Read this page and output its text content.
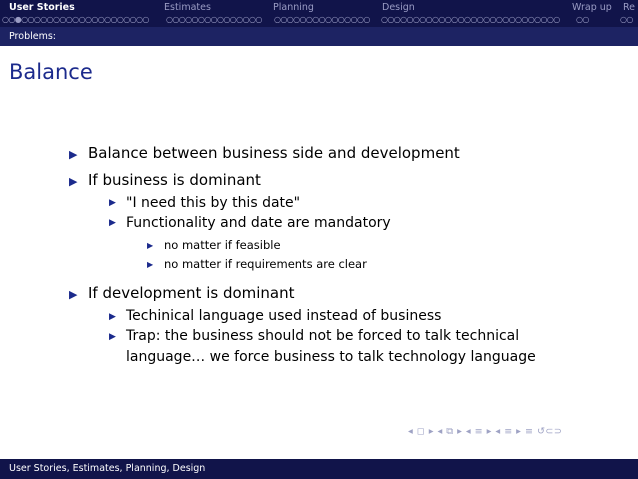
User Stories	Estimates	Planning	Design	Wrap up Re
○○●○○○○○○○○○○○○○○○○○○○○ ○○○○○○○○○○○○○○○ ○○○○○○○○○○○○○○○ ○○○○○○○○○○○○○○○○○○○○○○○○○○○○ ○○	○○
Problems:
Balance
▶ Balance between business side and development
▶ If business is dominant
▶ "I need this by this date"
▶ Functionality and date are mandatory
▶ no matter if feasible
▶ no matter if requirements are clear
▶ If development is dominant
▶ Techinical language used instead of business
▶ Trap: the business should not be forced to talk technical
language… we force business to talk technology language
◂ ◻ ▸ ◂ ⧉ ▸ ◂ ≡ ▸ ◂ ≡ ▸ ≡ ↺⊂⊃
User Stories, Estimates, Planning, Design
